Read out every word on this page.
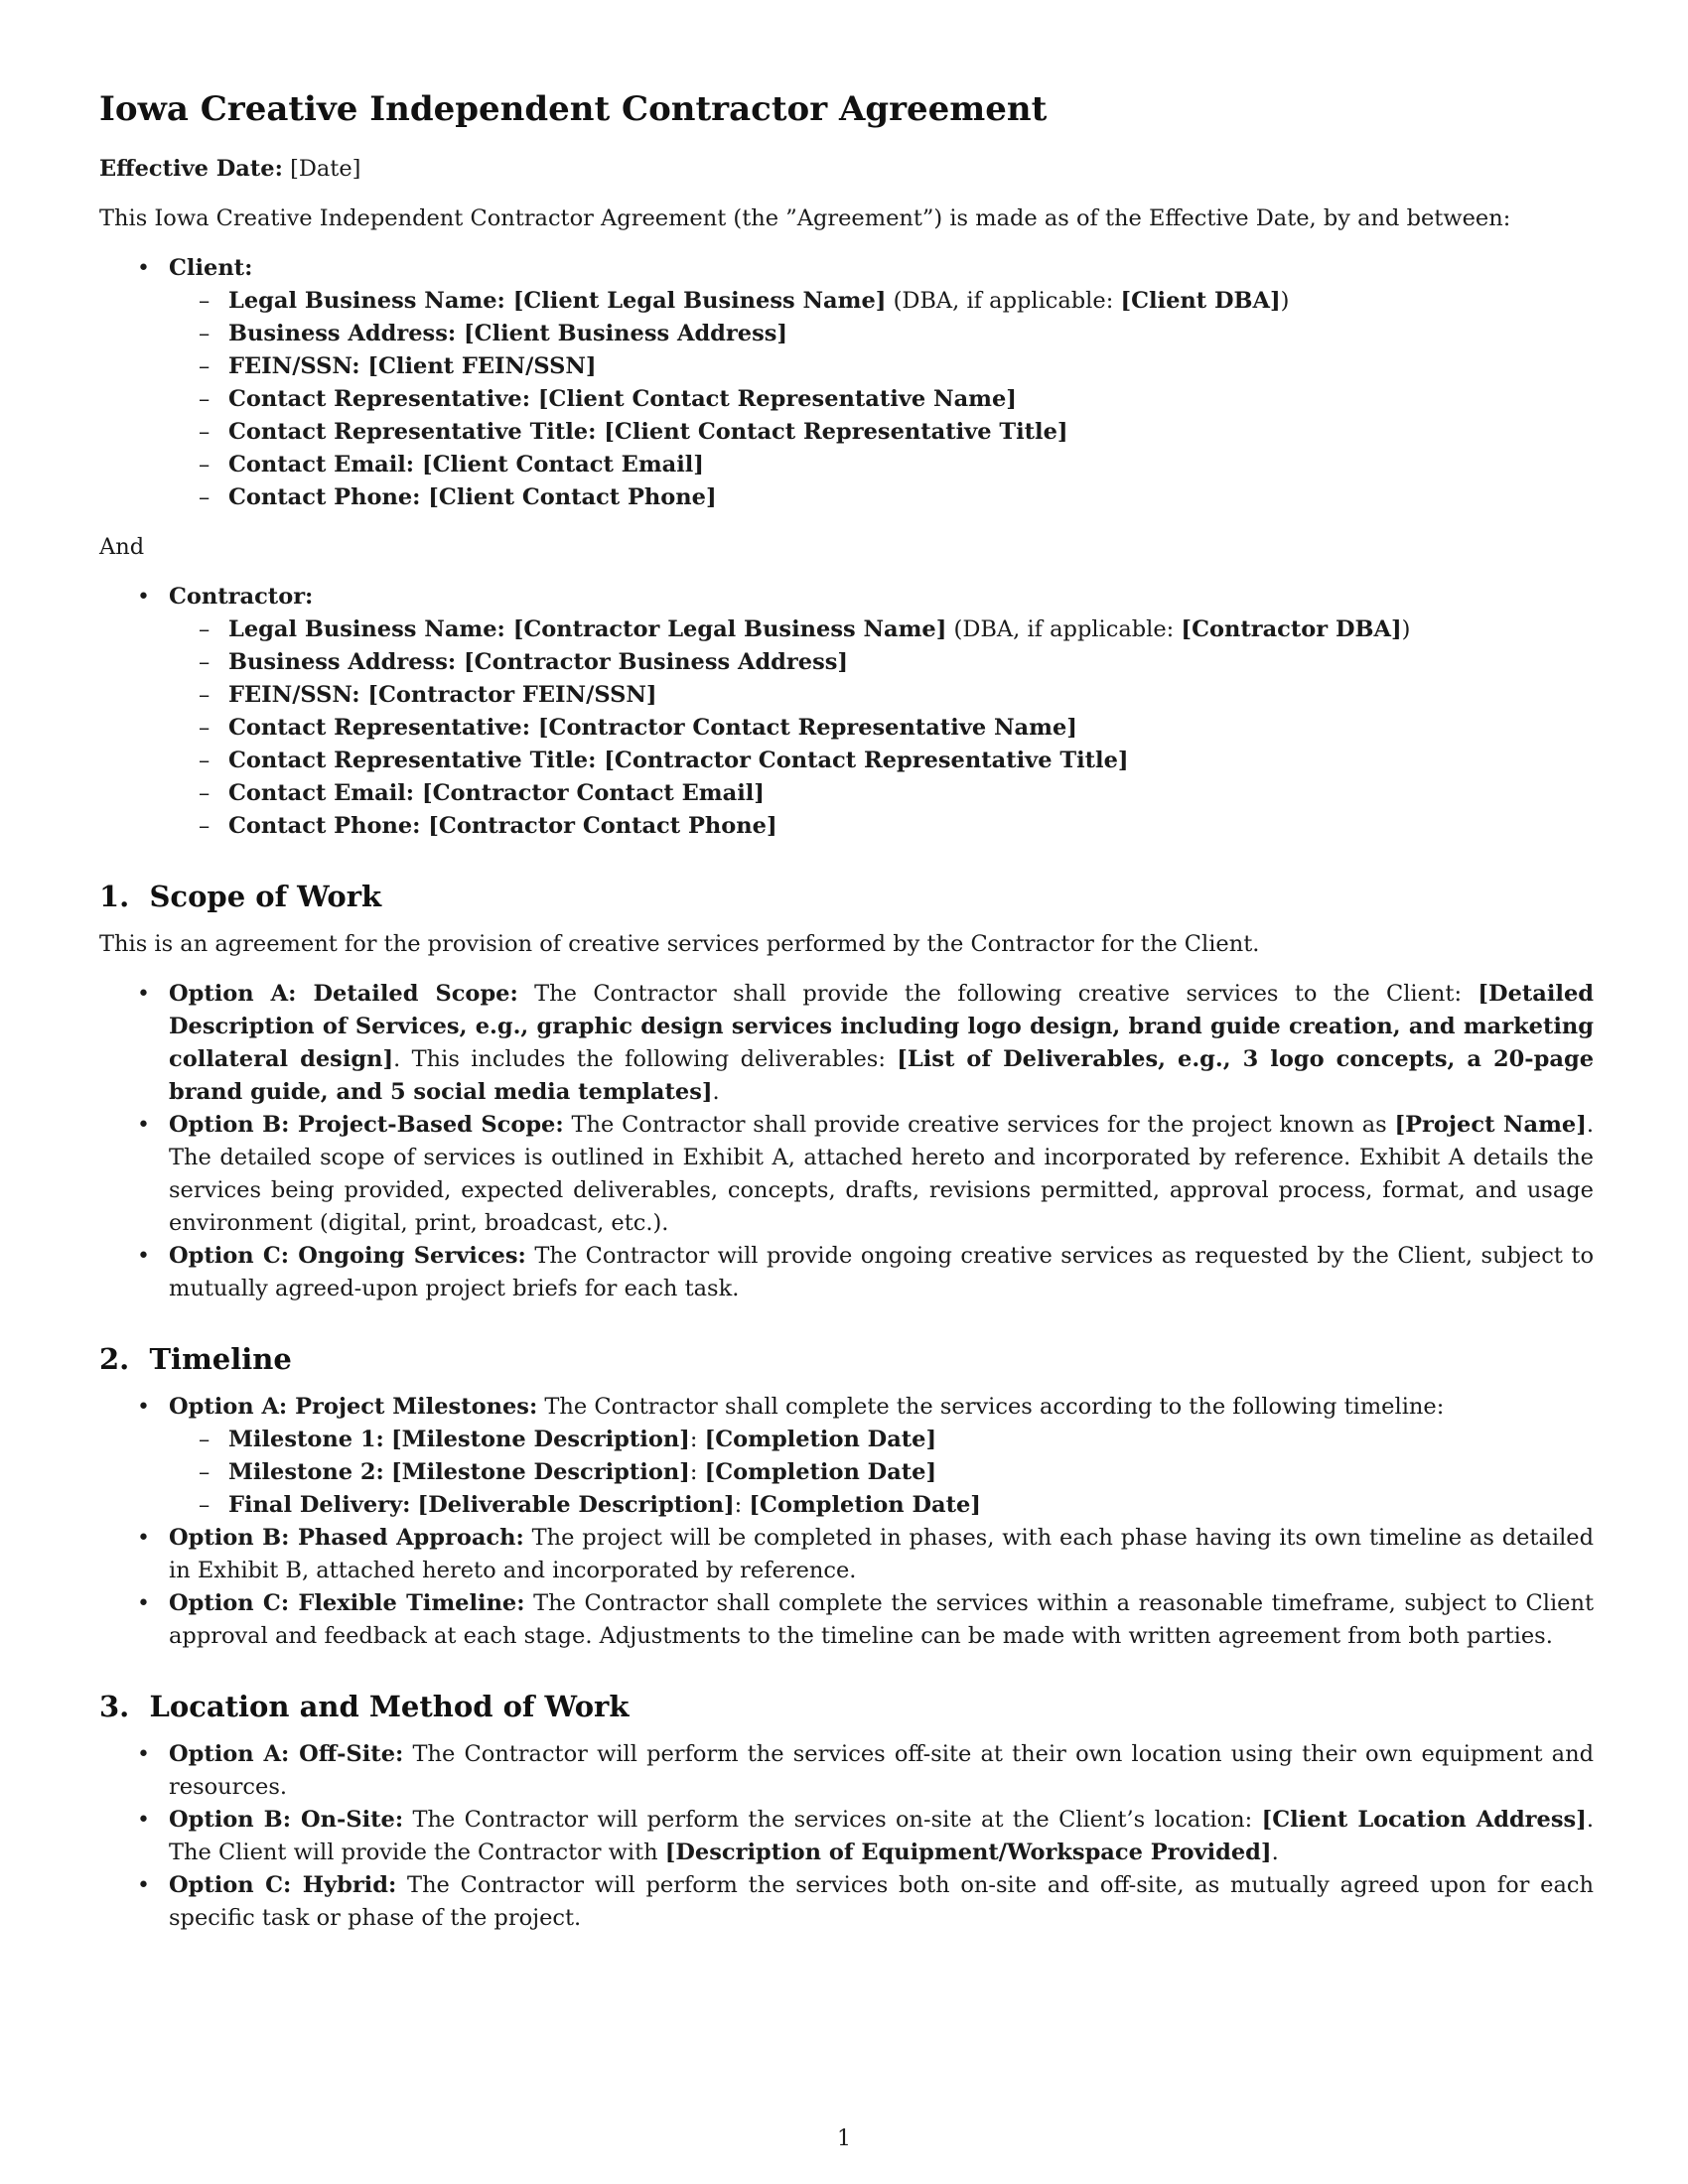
Iowa Creative Independent Contractor Agreement

Effective Date: [Date]

This Iowa Creative Independent Contractor Agreement (the ”Agreement”) is made as of the Effective Date, by and between:

• Client:
– Legal Business Name: [Client Legal Business Name] (DBA, if applicable: [Client DBA])
– Business Address: [Client Business Address]
– FEIN/SSN: [Client FEIN/SSN]
– Contact Representative: [Client Contact Representative Name]
– Contact Representative Title: [Client Contact Representative Title]
– Contact Email: [Client Contact Email]
– Contact Phone: [Client Contact Phone]

And

• Contractor:
– Legal Business Name: [Contractor Legal Business Name] (DBA, if applicable: [Contractor DBA])
– Business Address: [Contractor Business Address]
– FEIN/SSN: [Contractor FEIN/SSN]
– Contact Representative: [Contractor Contact Representative Name]
– Contact Representative Title: [Contractor Contact Representative Title]
– Contact Email: [Contractor Contact Email]
– Contact Phone: [Contractor Contact Phone]
1.  Scope of Work

This is an agreement for the provision of creative services performed by the Contractor for the Client.

• Option A: Detailed Scope: The Contractor shall provide the following creative services to the Client: [Detailed Description of Services, e.g., graphic design services including logo design, brand guide creation, and marketing collateral design]. This includes the following deliverables: [List of Deliverables, e.g., 3 logo concepts, a 20-page brand guide, and 5 social media templates].
• Option B: Project-Based Scope: The Contractor shall provide creative services for the project known as [Project Name]. The detailed scope of services is outlined in Exhibit A, attached hereto and incorporated by reference. Exhibit A details the services being provided, expected deliverables, concepts, drafts, revisions permitted, approval process, format, and usage environment (digital, print, broadcast, etc.).
• Option C: Ongoing Services: The Contractor will provide ongoing creative services as requested by the Client, subject to mutually agreed-upon project briefs for each task.
2.  Timeline
• Option A: Project Milestones: The Contractor shall complete the services according to the following timeline:
– Milestone 1: [Milestone Description]: [Completion Date]
– Milestone 2: [Milestone Description]: [Completion Date]
– Final Delivery: [Deliverable Description]: [Completion Date]
• Option B: Phased Approach: The project will be completed in phases, with each phase having its own timeline as detailed in Exhibit B, attached hereto and incorporated by reference.
• Option C: Flexible Timeline: The Contractor shall complete the services within a reasonable timeframe, subject to Client approval and feedback at each stage. Adjustments to the timeline can be made with written agreement from both parties.
3.  Location and Method of Work
• Option A: Off-Site: The Contractor will perform the services off-site at their own location using their own equipment and resources.
• Option B: On-Site: The Contractor will perform the services on-site at the Client’s location: [Client Location Address]. The Client will provide the Contractor with [Description of Equipment/Workspace Provided].
• Option C: Hybrid: The Contractor will perform the services both on-site and off-site, as mutually agreed upon for each specific task or phase of the project.
1
